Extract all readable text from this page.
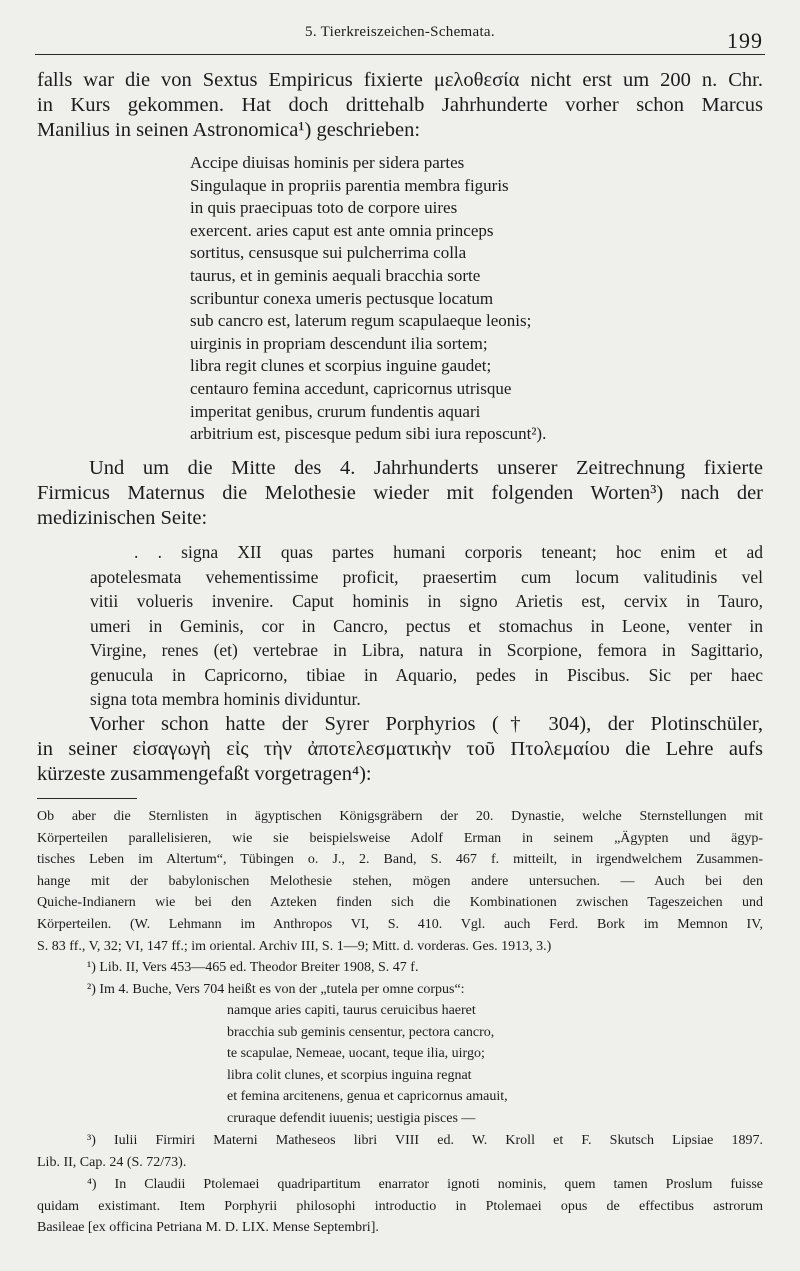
5. Tierkreiszeichen-Schemata.	199
falls war die von Sextus Empiricus fixierte μελοθεσία nicht erst um 200 n. Chr.
in Kurs gekommen. Hat doch drittehalb Jahrhunderte vorher schon Marcus
Manilius in seinen Astronomica¹) geschrieben:
Accipe diuisas hominis per sidera partes
Singulaque in propriis parentia membra figuris
in quis praecipuas toto de corpore uires
exercent. aries caput est ante omnia princeps
sortitus, censusque sui pulcherrima colla
taurus, et in geminis aequali bracchia sorte
scribuntur conexa umeris pectusque locatum
sub cancro est, laterum regum scapulaeque leonis;
uirginis in propriam descendunt ilia sortem;
libra regit clunes et scorpius inguine gaudet;
centauro femina accedunt, capricornus utrisque
imperitat genibus, crurum fundentis aquari
arbitrium est, piscesque pedum sibi iura reposcunt²).
Und um die Mitte des 4. Jahrhunderts unserer Zeitrechnung fixierte
Firmicus Maternus die Melothesie wieder mit folgenden Worten³) nach der
medizinischen Seite:
. . signa XII quas partes humani corporis teneant; hoc enim et ad
apotelesmata vehementissime proficit, praesertim cum locum valitudinis vel
vitii volueris invenire. Caput hominis in signo Arietis est, cervix in Tauro,
umeri in Geminis, cor in Cancro, pectus et stomachus in Leone, venter in
Virgine, renes (et) vertebrae in Libra, natura in Scorpione, femora in Sagittario,
genucula in Capricorno, tibiae in Aquario, pedes in Piscibus. Sic per haec
signa tota membra hominis dividuntur.
Vorher schon hatte der Syrer Porphyrios († 304), der Plotinschüler,
in seiner εἰσαγωγὴ εἰς τὴν ἀποτελεσματικὴν τοῦ Πτολεμαίου die Lehre aufs
kürzeste zusammengefaßt vorgetragen⁴):
Ob aber die Sternlisten in ägyptischen Königsgräbern der 20. Dynastie, welche Sternstellungen mit
Körperteilen parallelisieren, wie sie beispielsweise Adolf Erman in seinem „Ägypten und ägyp-
tisches Leben im Altertum“, Tübingen o. J., 2. Band, S. 467 f. mitteilt, in irgendwelchem Zusammen-
hange mit der babylonischen Melothesie stehen, mögen andere untersuchen. — Auch bei den
Quiche-Indianern wie bei den Azteken finden sich die Kombinationen zwischen Tageszeichen und
Körperteilen. (W. Lehmann im Anthropos VI, S. 410. Vgl. auch Ferd. Bork im Memnon IV,
S. 83 ff., V, 32; VI, 147 ff.; im oriental. Archiv III, S. 1—9; Mitt. d. vorderas. Ges. 1913, 3.)
¹) Lib. II, Vers 453—465 ed. Theodor Breiter 1908, S. 47 f.
²) Im 4. Buche, Vers 704 heißt es von der „tutela per omne corpus“:
namque aries capiti, taurus ceruicibus haeret
bracchia sub geminis censentur, pectora cancro,
te scapulae, Nemeae, uocant, teque ilia, uirgo;
libra colit clunes, et scorpius inguina regnat
et femina arcitenens, genua et capricornus amauit,
cruraque defendit iuuenis; uestigia pisces —
³) Iulii Firmiri Materni Matheseos libri VIII ed. W. Kroll et F. Skutsch Lipsiae 1897.
Lib. II, Cap. 24 (S. 72/73).
⁴) In Claudii Ptolemaei quadripartitum enarrator ignoti nominis, quem tamen Proslum fuisse
quidam existimant. Item Porphyrii philosophi introductio in Ptolemaei opus de effectibus astrorum
Basileae [ex officina Petriana M. D. LIX. Mense Septembri].
